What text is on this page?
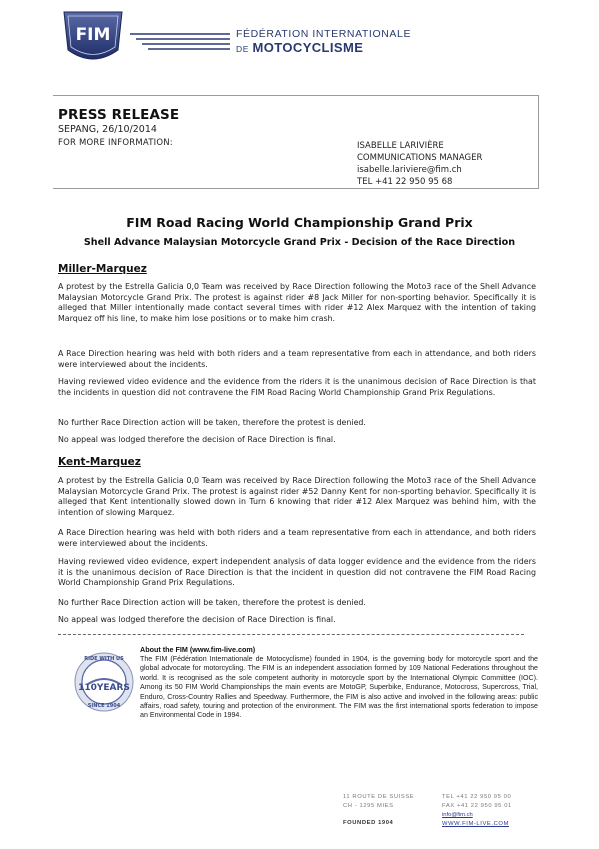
FIM	FÉDÉRATION INTERNATIONALE
DE MOTOCYCLISME
PRESS RELEASE
SEPANG, 26/10/2014
FOR MORE INFORMATION:	ISABELLE LARIVIÈRE
COMMUNICATIONS MANAGER
isabelle.lariviere@fim.ch
TEL +41 22 950 95 68
FIM Road Racing World Championship Grand Prix
Shell Advance Malaysian Motorcycle Grand Prix - Decision of the Race Direction
Miller-Marquez
A protest by the Estrella Galicia 0,0 Team was received by Race Direction following the Moto3 race of the Shell Advance Malaysian Motorcycle Grand Prix. The protest is against rider #8 Jack Miller for non-sporting behavior. Specifically it is alleged that Miller intentionally made contact several times with rider #12 Alex Marquez with the intention of taking Marquez off his line, to make him lose positions or to make him crash.
A Race Direction hearing was held with both riders and a team representative from each in attendance, and both riders were interviewed about the incidents.
Having reviewed video evidence and the evidence from the riders it is the unanimous decision of Race Direction is that the incidents in question did not contravene the FIM Road Racing World Championship Grand Prix Regulations.
No further Race Direction action will be taken, therefore the protest is denied.
No appeal was lodged therefore the decision of Race Direction is final.
Kent-Marquez
A protest by the Estrella Galicia 0,0 Team was received by Race Direction following the Moto3 race of the Shell Advance Malaysian Motorcycle Grand Prix. The protest is against rider #52 Danny Kent for non-sporting behavior. Specifically it is alleged that Kent intentionally slowed down in Turn 6 knowing that rider #12 Alex Marquez was behind him, with the intention of slowing Marquez.
A Race Direction hearing was held with both riders and a team representative from each in attendance, and both riders were interviewed about the incidents.
Having reviewed video evidence, expert independent analysis of data logger evidence and the evidence from the riders it is the unanimous decision of Race Direction is that the incident in question did not contravene the FIM Road Racing World Championship Grand Prix Regulations.
No further Race Direction action will be taken, therefore the protest is denied.
No appeal was lodged therefore the decision of Race Direction is final.
RIDE WITH US
110YEARS
SINCE 1904
About the FIM (www.fim-live.com)
The FIM (Fédération Internationale de Motocyclisme) founded in 1904, is the governing body for motorcycle sport and the global advocate for motorcycling. The FIM is an independent association formed by 109 National Federations throughout the world. It is recognised as the sole competent authority in motorcycle sport by the International Olympic Committee (IOC). Among its 50 FIM World Championships the main events are MotoGP, Superbike, Endurance, Motocross, Supercross, Trial, Enduro, Cross-Country Rallies and Speedway. Furthermore, the FIM is also active and involved in the following areas: public affairs, road safety, touring and protection of the environment. The FIM was the first international sports federation to impose an Environmental Code in 1994.
11 ROUTE DE SUISSE
CH - 1295 MIES
FOUNDED 1904
TEL +41 22 950 95 00
FAX +41 22 950 95 01
info@fim.ch
WWW.FIM-LIVE.COM
